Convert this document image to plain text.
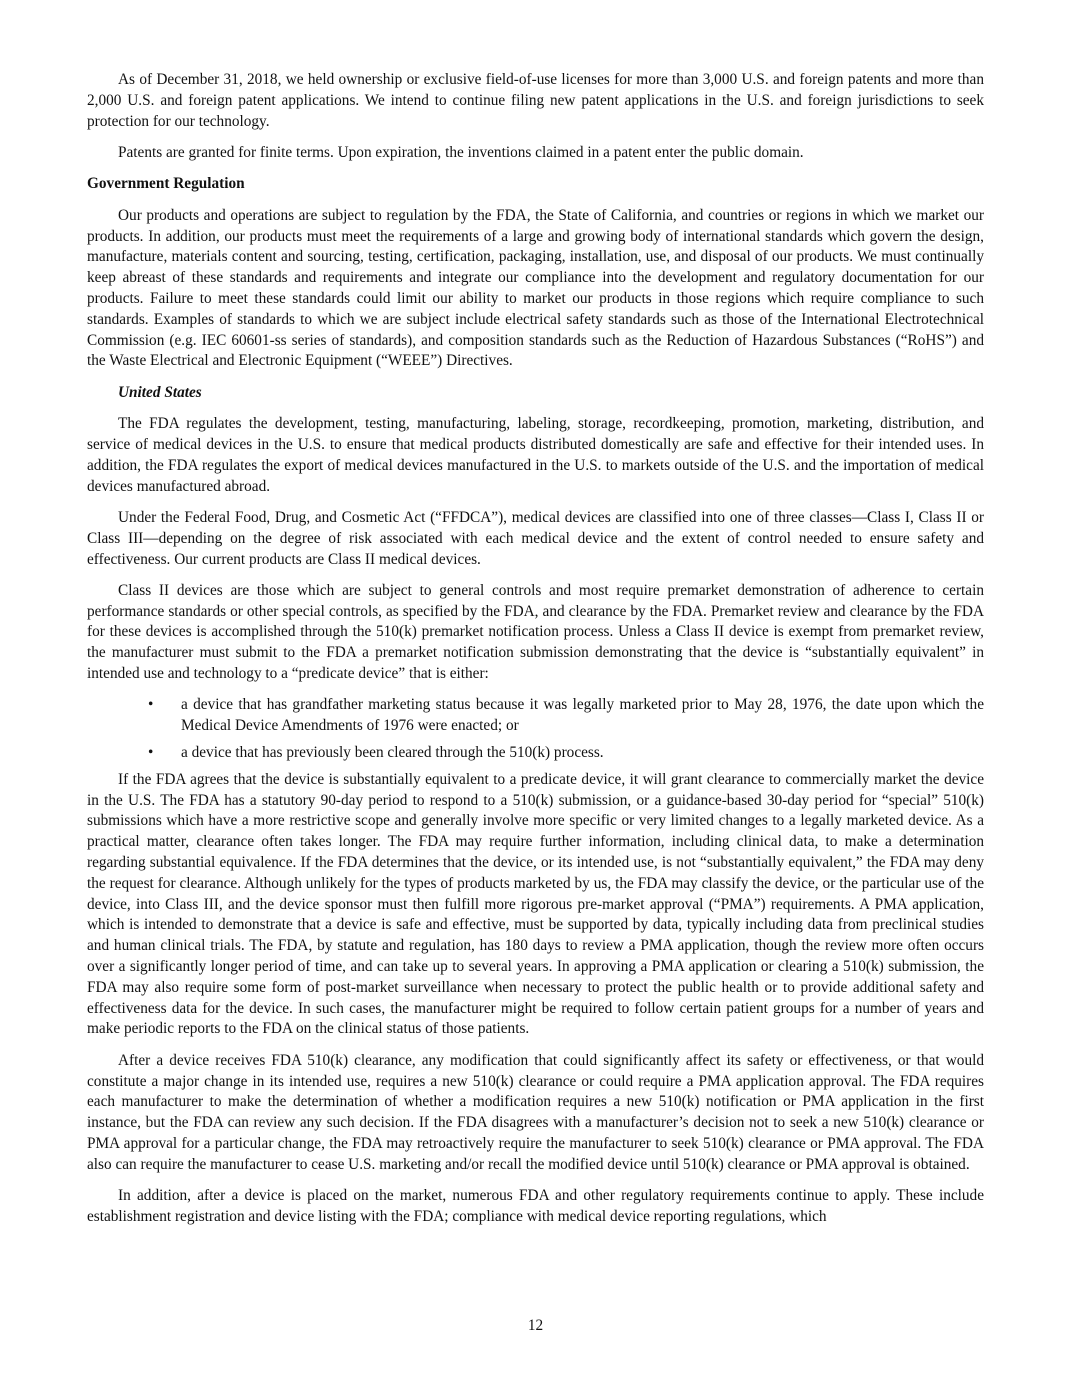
As of December 31, 2018, we held ownership or exclusive field-of-use licenses for more than 3,000 U.S. and foreign patents and more than 2,000 U.S. and foreign patent applications. We intend to continue filing new patent applications in the U.S. and foreign jurisdictions to seek protection for our technology.

Patents are granted for finite terms. Upon expiration, the inventions claimed in a patent enter the public domain.

Government Regulation

Our products and operations are subject to regulation by the FDA, the State of California, and countries or regions in which we market our products. In addition, our products must meet the requirements of a large and growing body of international standards which govern the design, manufacture, materials content and sourcing, testing, certification, packaging, installation, use, and disposal of our products. We must continually keep abreast of these standards and requirements and integrate our compliance into the development and regulatory documentation for our products. Failure to meet these standards could limit our ability to market our products in those regions which require compliance to such standards. Examples of standards to which we are subject include electrical safety standards such as those of the International Electrotechnical Commission (e.g. IEC 60601-ss series of standards), and composition standards such as the Reduction of Hazardous Substances (“RoHS”) and the Waste Electrical and Electronic Equipment (“WEEE”) Directives.

United States

The FDA regulates the development, testing, manufacturing, labeling, storage, recordkeeping, promotion, marketing, distribution, and service of medical devices in the U.S. to ensure that medical products distributed domestically are safe and effective for their intended uses. In addition, the FDA regulates the export of medical devices manufactured in the U.S. to markets outside of the U.S. and the importation of medical devices manufactured abroad.

Under the Federal Food, Drug, and Cosmetic Act (“FFDCA”), medical devices are classified into one of three classes—Class I, Class II or Class III—depending on the degree of risk associated with each medical device and the extent of control needed to ensure safety and effectiveness. Our current products are Class II medical devices.

Class II devices are those which are subject to general controls and most require premarket demonstration of adherence to certain performance standards or other special controls, as specified by the FDA, and clearance by the FDA. Premarket review and clearance by the FDA for these devices is accomplished through the 510(k) premarket notification process. Unless a Class II device is exempt from premarket review, the manufacturer must submit to the FDA a premarket notification submission demonstrating that the device is “substantially equivalent” in intended use and technology to a “predicate device” that is either:

• a device that has grandfather marketing status because it was legally marketed prior to May 28, 1976, the date upon which the Medical Device Amendments of 1976 were enacted; or
• a device that has previously been cleared through the 510(k) process.

If the FDA agrees that the device is substantially equivalent to a predicate device, it will grant clearance to commercially market the device in the U.S. The FDA has a statutory 90-day period to respond to a 510(k) submission, or a guidance-based 30-day period for “special” 510(k) submissions which have a more restrictive scope and generally involve more specific or very limited changes to a legally marketed device. As a practical matter, clearance often takes longer. The FDA may require further information, including clinical data, to make a determination regarding substantial equivalence. If the FDA determines that the device, or its intended use, is not “substantially equivalent,” the FDA may deny the request for clearance. Although unlikely for the types of products marketed by us, the FDA may classify the device, or the particular use of the device, into Class III, and the device sponsor must then fulfill more rigorous pre-market approval (“PMA”) requirements. A PMA application, which is intended to demonstrate that a device is safe and effective, must be supported by data, typically including data from preclinical studies and human clinical trials. The FDA, by statute and regulation, has 180 days to review a PMA application, though the review more often occurs over a significantly longer period of time, and can take up to several years. In approving a PMA application or clearing a 510(k) submission, the FDA may also require some form of post-market surveillance when necessary to protect the public health or to provide additional safety and effectiveness data for the device. In such cases, the manufacturer might be required to follow certain patient groups for a number of years and make periodic reports to the FDA on the clinical status of those patients.

After a device receives FDA 510(k) clearance, any modification that could significantly affect its safety or effectiveness, or that would constitute a major change in its intended use, requires a new 510(k) clearance or could require a PMA application approval. The FDA requires each manufacturer to make the determination of whether a modification requires a new 510(k) notification or PMA application in the first instance, but the FDA can review any such decision. If the FDA disagrees with a manufacturer’s decision not to seek a new 510(k) clearance or PMA approval for a particular change, the FDA may retroactively require the manufacturer to seek 510(k) clearance or PMA approval. The FDA also can require the manufacturer to cease U.S. marketing and/or recall the modified device until 510(k) clearance or PMA approval is obtained.

In addition, after a device is placed on the market, numerous FDA and other regulatory requirements continue to apply. These include establishment registration and device listing with the FDA; compliance with medical device reporting regulations, which

12
